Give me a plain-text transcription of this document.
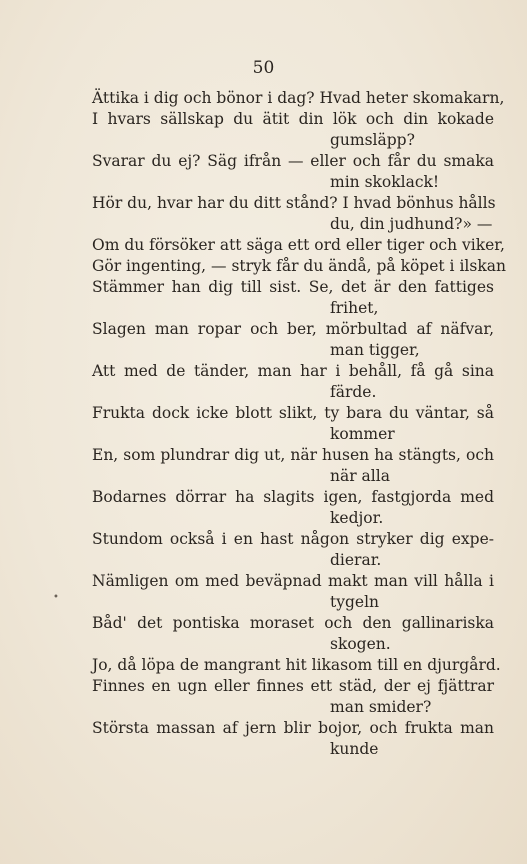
50
Ättika i dig och bönor i dag? Hvad heter skomakarn,
I hvars sällskap du ätit din lök och din kokade
gumsläpp?
Svarar du ej? Säg ifrån — eller och får du smaka
min skoklack!
Hör du, hvar har du ditt stånd? I hvad bönhus hålls
du, din judhund?» —
Om du försöker att säga ett ord eller tiger och viker,
Gör ingenting, — stryk får du ändå, på köpet i ilskan
Stämmer han dig till sist. Se, det är den fattiges
frihet,
Slagen man ropar och ber, mörbultad af näfvar,
man tigger,
Att med de tänder, man har i behåll, få gå sina
färde.
Frukta dock icke blott slikt, ty bara du väntar, så
kommer
En, som plundrar dig ut, när husen ha stängts, och
när alla
Bodarnes dörrar ha slagits igen, fastgjorda med
kedjor.
Stundom också i en hast någon stryker dig expe-
dierar.
Nämligen om med beväpnad makt man vill hålla i
tygeln
Båd' det pontiska moraset och den gallinariska
skogen.
Jo, då löpa de mangrant hit likasom till en djurgård.
Finnes en ugn eller finnes ett städ, der ej fjättrar
man smider?
Största massan af jern blir bojor, och frukta man
kunde
•
